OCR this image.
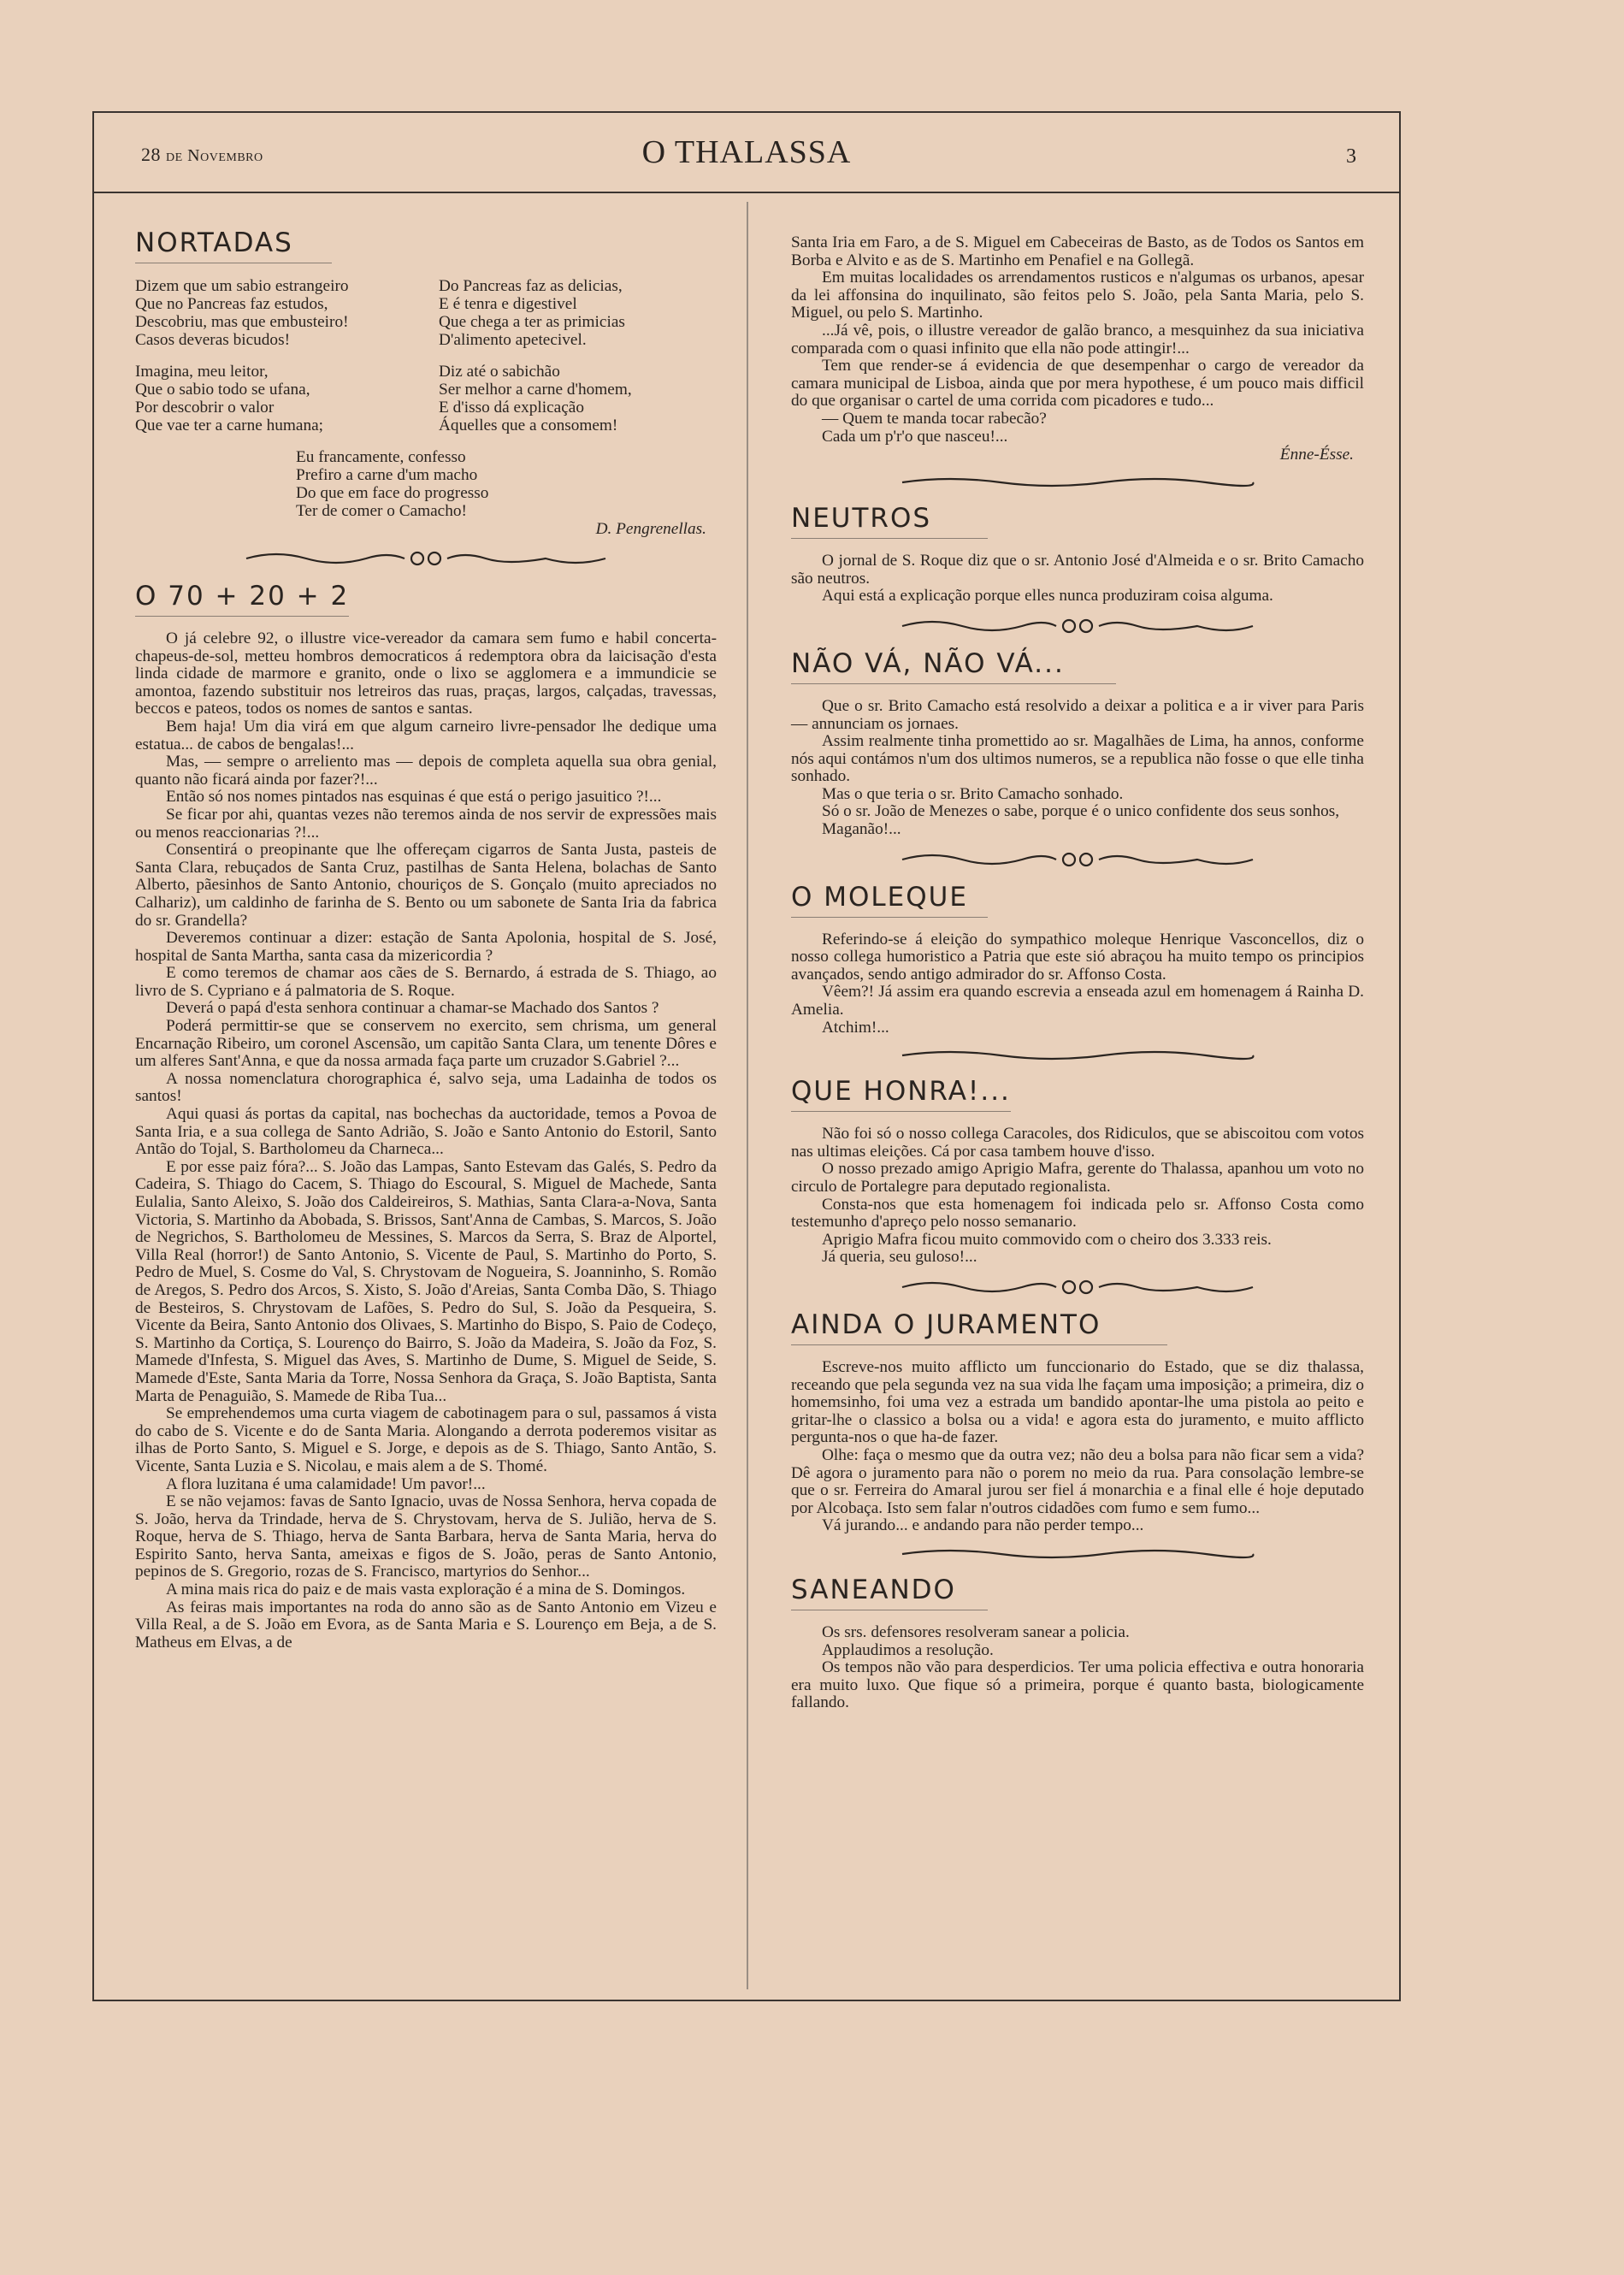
28 de Novembro	O THALASSA	3
NORTADAS
Dizem que um sabio estrangeiro
Que no Pancreas faz estudos,
Descobriu, mas que embusteiro!
Casos deveras bicudos!
Imagina, meu leitor,
Que o sabio todo se ufana,
Por descobrir o valor
Que vae ter a carne humana;
Do Pancreas faz as delicias,
E é tenra e digestivel
Que chega a ter as primicias
D'alimento apetecivel.
Diz até o sabichão
Ser melhor a carne d'homem,
E d'isso dá explicação
Áquelles que a consomem!
Eu francamente, confesso
Prefiro a carne d'um macho
Do que em face do progresso
Ter de comer o Camacho!
D. Pengrenellas.
O 70 + 20 + 2

O já celebre 92, o illustre vice-vereador da camara sem fumo e habil concerta-chapeus-de-sol, metteu hombros democraticos á redemptora obra da laicisação d'esta linda cidade de marmore e granito, onde o lixo se agglomera e a immundicie se amontoa, fazendo substituir nos letreiros das ruas, praças, largos, calçadas, travessas, beccos e pateos, todos os nomes de santos e santas.

Bem haja! Um dia virá em que algum carneiro livre-pensador lhe dedique uma estatua... de cabos de bengalas!...

Mas, — sempre o arreliento mas — depois de completa aquella sua obra genial, quanto não ficará ainda por fazer?!...

Então só nos nomes pintados nas esquinas é que está o perigo jasuitico ?!...

Se ficar por ahi, quantas vezes não teremos ainda de nos servir de expressões mais ou menos reaccionarias ?!...

Consentirá o preopinante que lhe offereçam cigarros de Santa Justa, pasteis de Santa Clara, rebuçados de Santa Cruz, pastilhas de Santa Helena, bolachas de Santo Alberto, pãesinhos de Santo Antonio, chouriços de S. Gonçalo (muito apreciados no Calhariz), um caldinho de farinha de S. Bento ou um sabonete de Santa Iria da fabrica do sr. Grandella?

Deveremos continuar a dizer: estação de Santa Apolonia, hospital de S. José, hospital de Santa Martha, santa casa da mizericordia ?

E como teremos de chamar aos cães de S. Bernardo, á estrada de S. Thiago, ao livro de S. Cypriano e á palmatoria de S. Roque.

Deverá o papá d'esta senhora continuar a chamar-se Machado dos Santos ?

Poderá permittir-se que se conservem no exercito, sem chrisma, um general Encarnação Ribeiro, um coronel Ascensão, um capitão Santa Clara, um tenente Dôres e um alferes Sant'Anna, e que da nossa armada faça parte um cruzador S.Gabriel ?...

A nossa nomenclatura chorographica é, salvo seja, uma Ladainha de todos os santos!

Aqui quasi ás portas da capital, nas bochechas da auctoridade, temos a Povoa de Santa Iria, e a sua collega de Santo Adrião, S. João e Santo Antonio do Estoril, Santo Antão do Tojal, S. Bartholomeu da Charneca...

E por esse paiz fóra?... S. João das Lampas, Santo Estevam das Galés, S. Pedro da Cadeira, S. Thiago do Cacem, S. Thiago do Escoural, S. Miguel de Machede, Santa Eulalia, Santo Aleixo, S. João dos Caldeireiros, S. Mathias, Santa Clara-a-Nova, Santa Victoria, S. Martinho da Abobada, S. Brissos, Sant'Anna de Cambas, S. Marcos, S. João de Negrichos, S. Bartholomeu de Messines, S. Marcos da Serra, S. Braz de Alportel, Villa Real (horror!) de Santo Antonio, S. Vicente de Paul, S. Martinho do Porto, S. Pedro de Muel, S. Cosme do Val, S. Chrystovam de Nogueira, S. Joanninho, S. Romão de Aregos, S. Pedro dos Arcos, S. Xisto, S. João d'Areias, Santa Comba Dão, S. Thiago de Besteiros, S. Chrystovam de Lafões, S. Pedro do Sul, S. João da Pesqueira, S. Vicente da Beira, Santo Antonio dos Olivaes, S. Martinho do Bispo, S. Paio de Codeço, S. Martinho da Cortiça, S. Lourenço do Bairro, S. João da Madeira, S. João da Foz, S. Mamede d'Infesta, S. Miguel das Aves, S. Martinho de Dume, S. Miguel de Seide, S. Mamede d'Este, Santa Maria da Torre, Nossa Senhora da Graça, S. João Baptista, Santa Marta de Penaguião, S. Mamede de Riba Tua...

Se emprehendemos uma curta viagem de cabotinagem para o sul, passamos á vista do cabo de S. Vicente e do de Santa Maria. Alongando a derrota poderemos visitar as ilhas de Porto Santo, S. Miguel e S. Jorge, e depois as de S. Thiago, Santo Antão, S. Vicente, Santa Luzia e S. Nicolau, e mais alem a de S. Thomé.

A flora luzitana é uma calamidade! Um pavor!...

E se não vejamos: favas de Santo Ignacio, uvas de Nossa Senhora, herva copada de S. João, herva da Trindade, herva de S. Chrystovam, herva de S. Julião, herva de S. Roque, herva de S. Thiago, herva de Santa Barbara, herva de Santa Maria, herva do Espirito Santo, herva Santa, ameixas e figos de S. João, peras de Santo Antonio, pepinos de S. Gregorio, rozas de S. Francisco, martyrios do Senhor...

A mina mais rica do paiz e de mais vasta exploração é a mina de S. Domingos.

As feiras mais importantes na roda do anno são as de Santo Antonio em Vizeu e Villa Real, a de S. João em Evora, as de Santa Maria e S. Lourenço em Beja, a de S. Matheus em Elvas, a de

Santa Iria em Faro, a de S. Miguel em Cabeceiras de Basto, as de Todos os Santos em Borba e Alvito e as de S. Martinho em Penafiel e na Gollegã.

Em muitas localidades os arrendamentos rusticos e n'algumas os urbanos, apesar da lei affonsina do inquilinato, são feitos pelo S. João, pela Santa Maria, pelo S. Miguel, ou pelo S. Martinho.

...Já vê, pois, o illustre vereador de galão branco, a mesquinhez da sua iniciativa comparada com o quasi infinito que ella não pode attingir!...

Tem que render-se á evidencia de que desempenhar o cargo de vereador da camara municipal de Lisboa, ainda que por mera hypothese, é um pouco mais difficil do que organisar o cartel de uma corrida com picadores e tudo...

— Quem te manda tocar rabecão?

Cada um p'r'o que nasceu!...

Énne-Ésse.
NEUTROS

O jornal de S. Roque diz que o sr. Antonio José d'Almeida e o sr. Brito Camacho são neutros.

Aqui está a explicação porque elles nunca produziram coisa alguma.

NÃO VÁ, NÃO VÁ...

Que o sr. Brito Camacho está resolvido a deixar a politica e a ir viver para Paris — annunciam os jornaes.

Assim realmente tinha promettido ao sr. Magalhães de Lima, ha annos, conforme nós aqui contámos n'um dos ultimos numeros, se a republica não fosse o que elle tinha sonhado.

Mas o que teria o sr. Brito Camacho sonhado.

Só o sr. João de Menezes o sabe, porque é o unico confidente dos seus sonhos,

Maganão!...

O MOLEQUE

Referindo-se á eleição do sympathico moleque Henrique Vasconcellos, diz o nosso collega humoristico a Patria que este sió abraçou ha muito tempo os principios avançados, sendo antigo admirador do sr. Affonso Costa.

Vêem?! Já assim era quando escrevia a enseada azul em homenagem á Rainha D. Amelia.

Atchim!...

QUE HONRA!...

Não foi só o nosso collega Caracoles, dos Ridiculos, que se abiscoitou com votos nas ultimas eleições. Cá por casa tambem houve d'isso.

O nosso prezado amigo Aprigio Mafra, gerente do Thalassa, apanhou um voto no circulo de Portalegre para deputado regionalista.

Consta-nos que esta homenagem foi indicada pelo sr. Affonso Costa como testemunho d'apreço pelo nosso semanario.

Aprigio Mafra ficou muito commovido com o cheiro dos 3.333 reis.

Já queria, seu guloso!...

AINDA O JURAMENTO

Escreve-nos muito afflicto um funccionario do Estado, que se diz thalassa, receando que pela segunda vez na sua vida lhe façam uma imposição; a primeira, diz o homemsinho, foi uma vez a estrada um bandido apontar-lhe uma pistola ao peito e gritar-lhe o classico a bolsa ou a vida! e agora esta do juramento, e muito afflicto pergunta-nos o que ha-de fazer.

Olhe: faça o mesmo que da outra vez; não deu a bolsa para não ficar sem a vida? Dê agora o juramento para não o porem no meio da rua. Para consolação lembre-se que o sr. Ferreira do Amaral jurou ser fiel á monarchia e a final elle é hoje deputado por Alcobaça. Isto sem falar n'outros cidadões com fumo e sem fumo...

Vá jurando... e andando para não perder tempo...

SANEANDO

Os srs. defensores resolveram sanear a policia.

Applaudimos a resolução.

Os tempos não vão para desperdicios. Ter uma policia effectiva e outra honoraria era muito luxo. Que fique só a primeira, porque é quanto basta, biologicamente fallando.
